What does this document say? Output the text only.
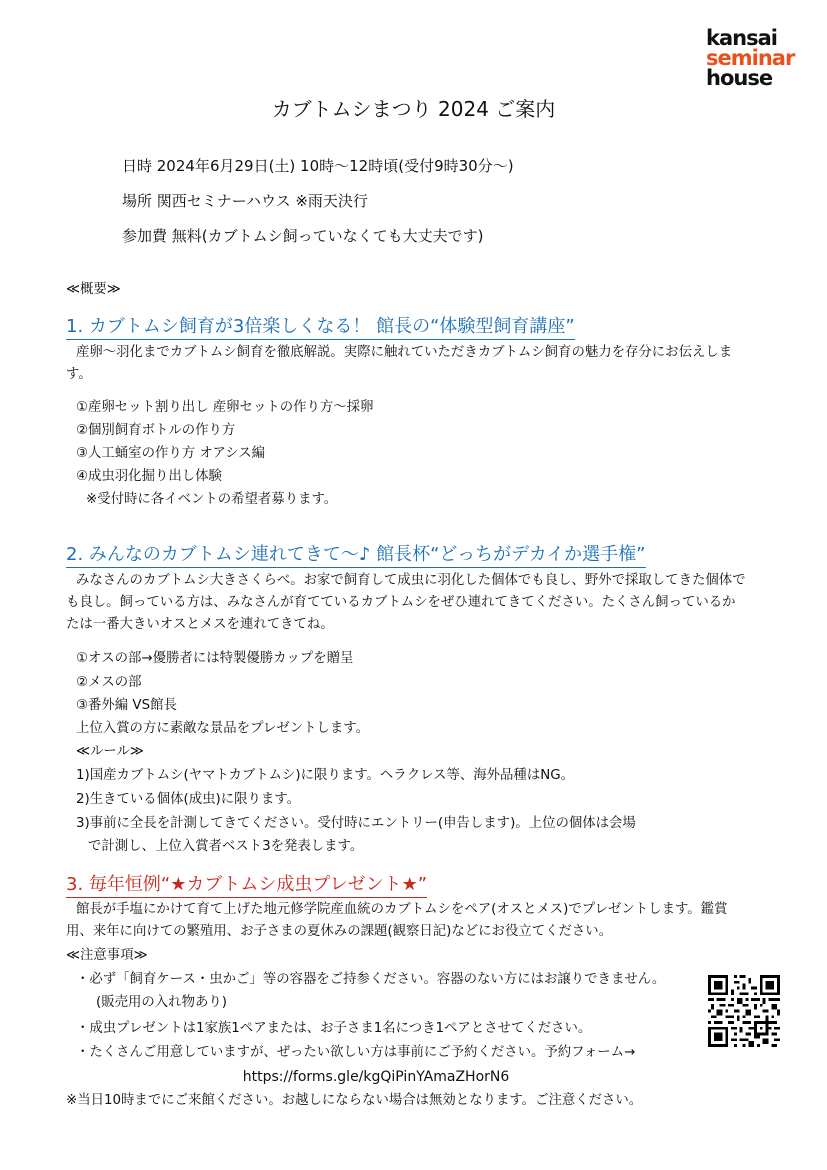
kansai
seminar
house
カブトムシまつり 2024 ご案内
日時 2024年6月29日(土) 10時～12時頃(受付9時30分～)
場所 関西セミナーハウス ※雨天決行
参加費 無料(カブトムシ飼っていなくても大丈夫です)
≪概要≫
1. カブトムシ飼育が3倍楽しくなる！ 館長の“体験型飼育講座”
産卵～羽化までカブトムシ飼育を徹底解説。実際に触れていただきカブトムシ飼育の魅力を存分にお伝えします。
①産卵セット割り出し 産卵セットの作り方～採卵
②個別飼育ボトルの作り方
③人工蛹室の作り方 オアシス編
④成虫羽化掘り出し体験
※受付時に各イベントの希望者募ります。
2. みんなのカブトムシ連れてきて～♪ 館長杯“どっちがデカイか選手権”
みなさんのカブトムシ大きさくらべ。お家で飼育して成虫に羽化した個体でも良し、野外で採取してきた個体でも良し。飼っている方は、みなさんが育てているカブトムシをぜひ連れてきてください。たくさん飼っているかたは一番大きいオスとメスを連れてきてね。
①オスの部→優勝者には特製優勝カップを贈呈
②メスの部
③番外編 VS館長
上位入賞の方に素敵な景品をプレゼントします。
≪ルール≫
1)国産カブトムシ(ヤマトカブトムシ)に限ります。ヘラクレス等、海外品種はNG。
2)生きている個体(成虫)に限ります。
3)事前に全長を計測してきてください。受付時にエントリー(申告します)。上位の個体は会場
で計測し、上位入賞者ベスト3を発表します。
3. 毎年恒例“★カブトムシ成虫プレゼント★”
館長が手塩にかけて育て上げた地元修学院産血統のカブトムシをペア(オスとメス)でプレゼントします。鑑賞用、来年に向けての繁殖用、お子さまの夏休みの課題(観察日記)などにお役立てください。
≪注意事項≫
・必ず「飼育ケース・虫かご」等の容器をご持参ください。容器のない方にはお譲りできません。
(販売用の入れ物あり)
・成虫プレゼントは1家族1ペアまたは、お子さま1名につき1ペアとさせてください。
・たくさんご用意していますが、ぜったい欲しい方は事前にご予約ください。予約フォーム→
https://forms.gle/kgQiPinYAmaZHorN6
※当日10時までにご来館ください。お越しにならない場合は無効となります。ご注意ください。
